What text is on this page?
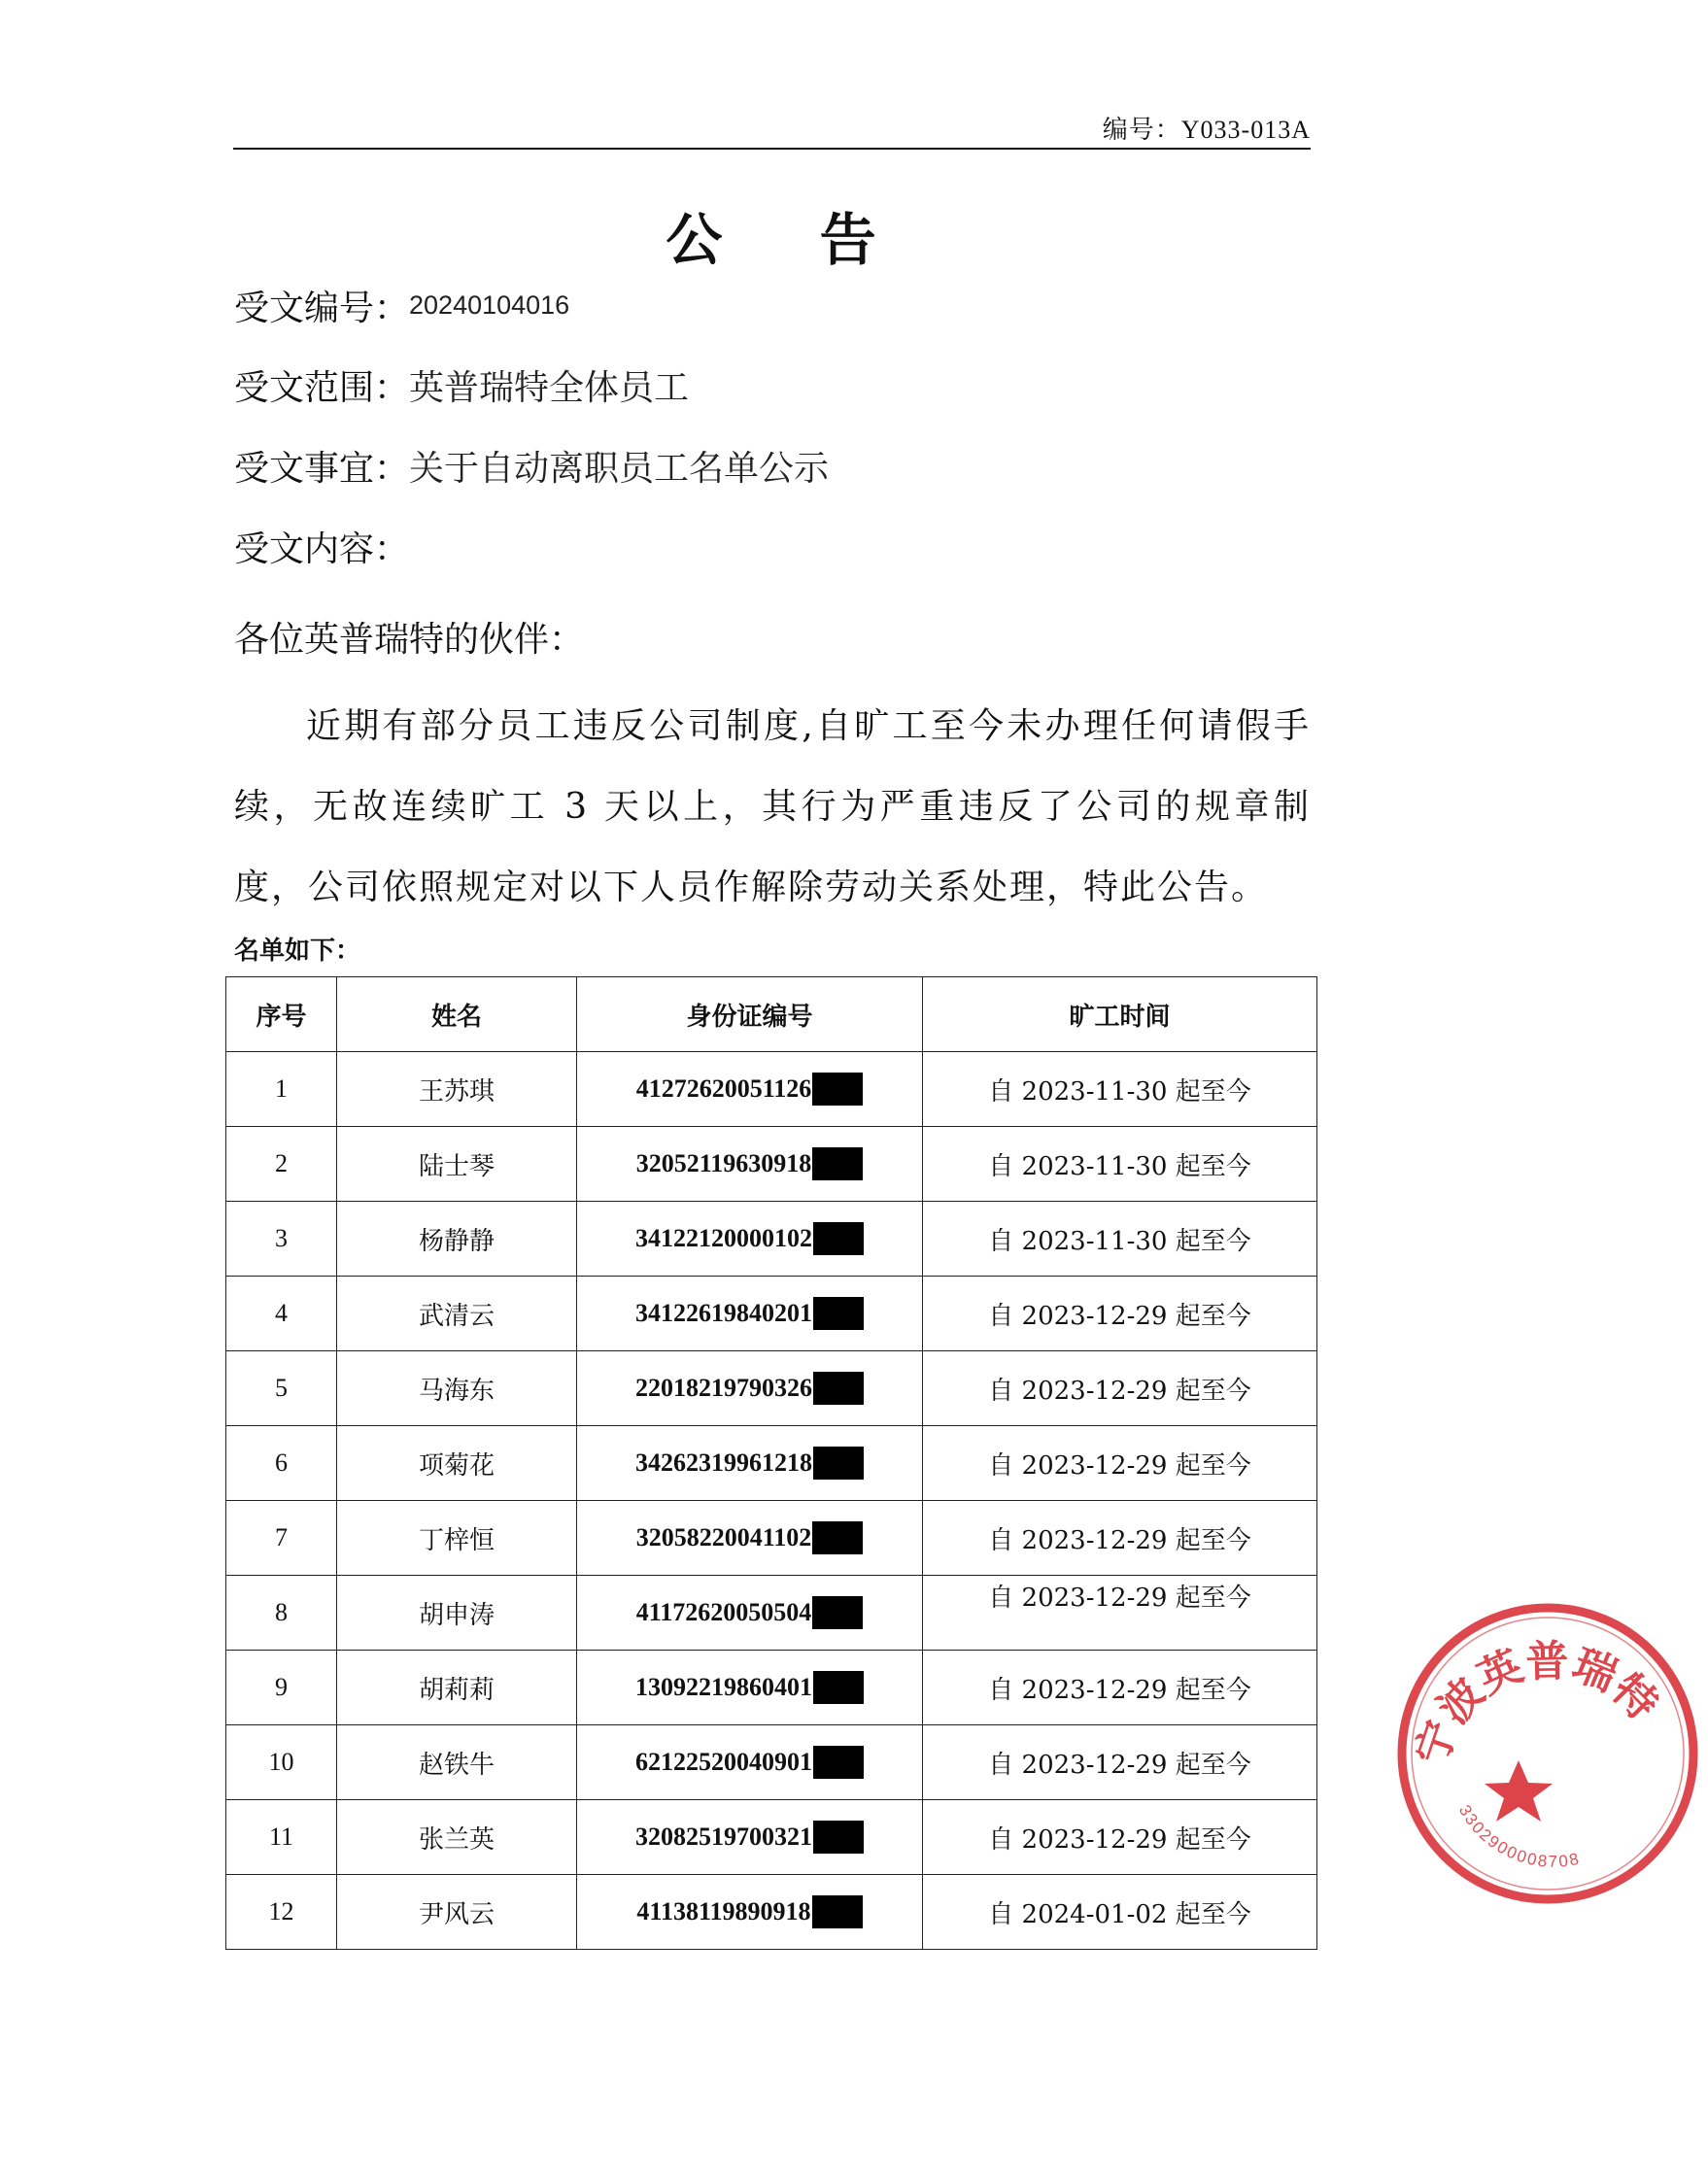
编号：Y033-013A
公 告
受文编号：20240104016
受文范围：英普瑞特全体员工
受文事宜：关于自动离职员工名单公示
受文内容：
各位英普瑞特的伙伴：
近期有部分员工违反公司制度,自旷工至今未办理任何请假手续，无故连续旷工 3 天以上，其行为严重违反了公司的规章制度，公司依照规定对以下人员作解除劳动关系处理，特此公告。
名单如下：
序号	姓名	身份证编号	旷工时间
1	王苏琪	41272620051126	自 2023-11-30 起至今
2	陆士琴	32052119630918	自 2023-11-30 起至今
3	杨静静	34122120000102	自 2023-11-30 起至今
4	武清云	34122619840201	自 2023-12-29 起至今
5	马海东	22018219790326	自 2023-12-29 起至今
6	项菊花	34262319961218	自 2023-12-29 起至今
7	丁梓恒	32058220041102	自 2023-12-29 起至今
8	胡申涛	41172620050504	自 2023-12-29 起至今
9	胡莉莉	13092219860401	自 2023-12-29 起至今
10	赵铁牛	62122520040901	自 2023-12-29 起至今
11	张兰英	32082519700321	自 2023-12-29 起至今
12	尹风云	41138119890918	自 2024-01-02 起至今
宁波英普瑞特
3302900008708
